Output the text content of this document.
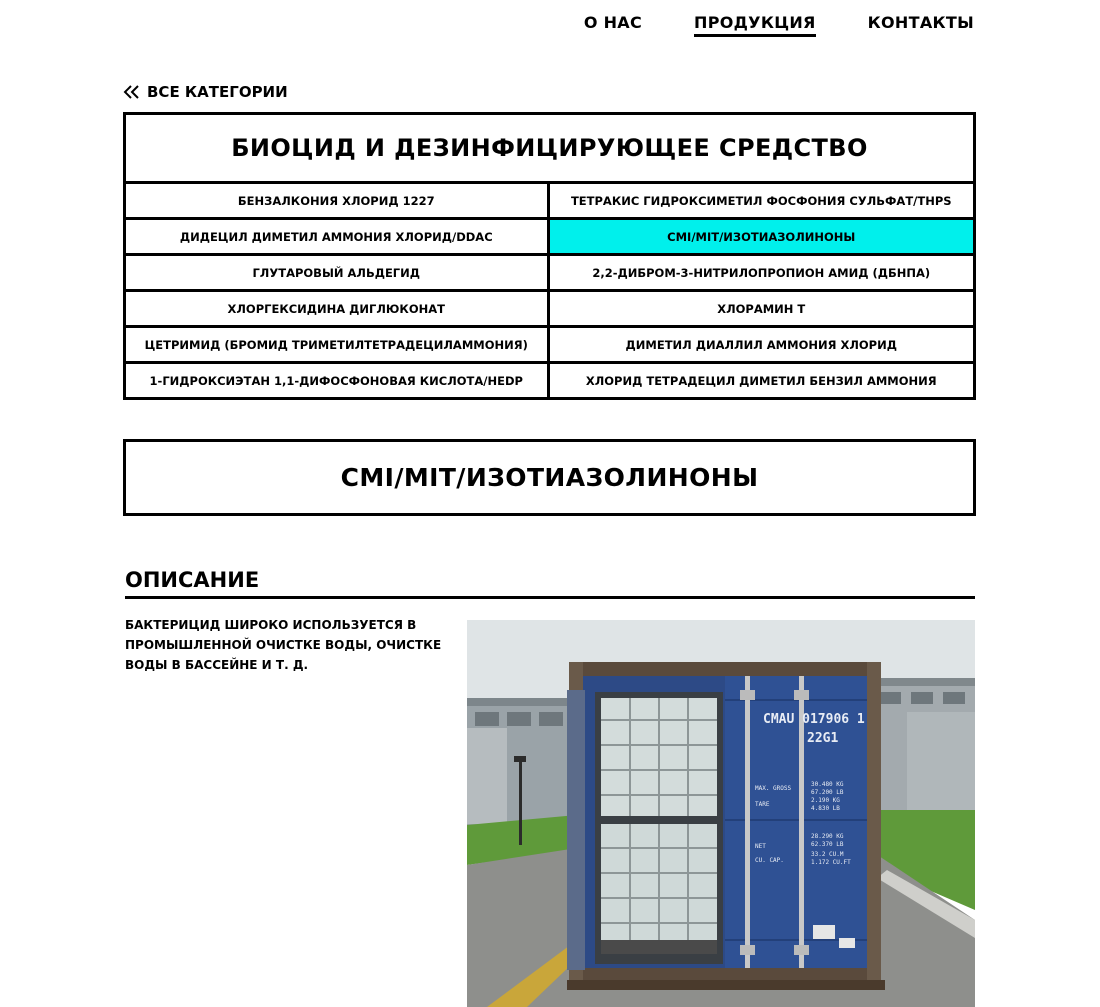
О НАС	ПРОДУКЦИЯ	КОНТАКТЫ
ВСЕ КАТЕГОРИИ
БИОЦИД И ДЕЗИНФИЦИРУЮЩЕЕ СРЕДСТВО
БЕНЗАЛКОНИЯ ХЛОРИД 1227	ТЕТРАКИС ГИДРОКСИМЕТИЛ ФОСФОНИЯ СУЛЬФАТ/THPS
ДИДЕЦИЛ ДИМЕТИЛ АММОНИЯ ХЛОРИД/DDAC	CMI/MIT/ИЗОТИАЗОЛИНОНЫ
ГЛУТАРОВЫЙ АЛЬДЕГИД	2,2-ДИБРОМ-3-НИТРИЛОПРОПИОН АМИД (ДБНПА)
ХЛОРГЕКСИДИНА ДИГЛЮКОНАТ	ХЛОРАМИН Т
ЦЕТРИМИД (БРОМИД ТРИМЕТИЛТЕТРАДЕЦИЛАММОНИЯ)	ДИМЕТИЛ ДИАЛЛИЛ АММОНИЯ ХЛОРИД
1-ГИДРОКСИЭТАН 1,1-ДИФОСФОНОВАЯ КИСЛОТА/HEDP	ХЛОРИД ТЕТРАДЕЦИЛ ДИМЕТИЛ БЕНЗИЛ АММОНИЯ
CMI/MIT/ИЗОТИАЗОЛИНОНЫ
ОПИСАНИЕ

БАКТЕРИЦИД ШИРОКО ИСПОЛЬЗУЕТСЯ В ПРОМЫШЛЕННОЙ ОЧИСТКЕ ВОДЫ, ОЧИСТКЕ ВОДЫ В БАССЕЙНЕ И Т. Д.

CMAU 017906 1
22G1
MAX. GROSS
TARE
NET
CU. CAP.
30.480 KG
67.200 LB
2.190 KG
4.830 LB
28.290 KG
62.370 LB
33.2 CU.M
1.172 CU.FT
